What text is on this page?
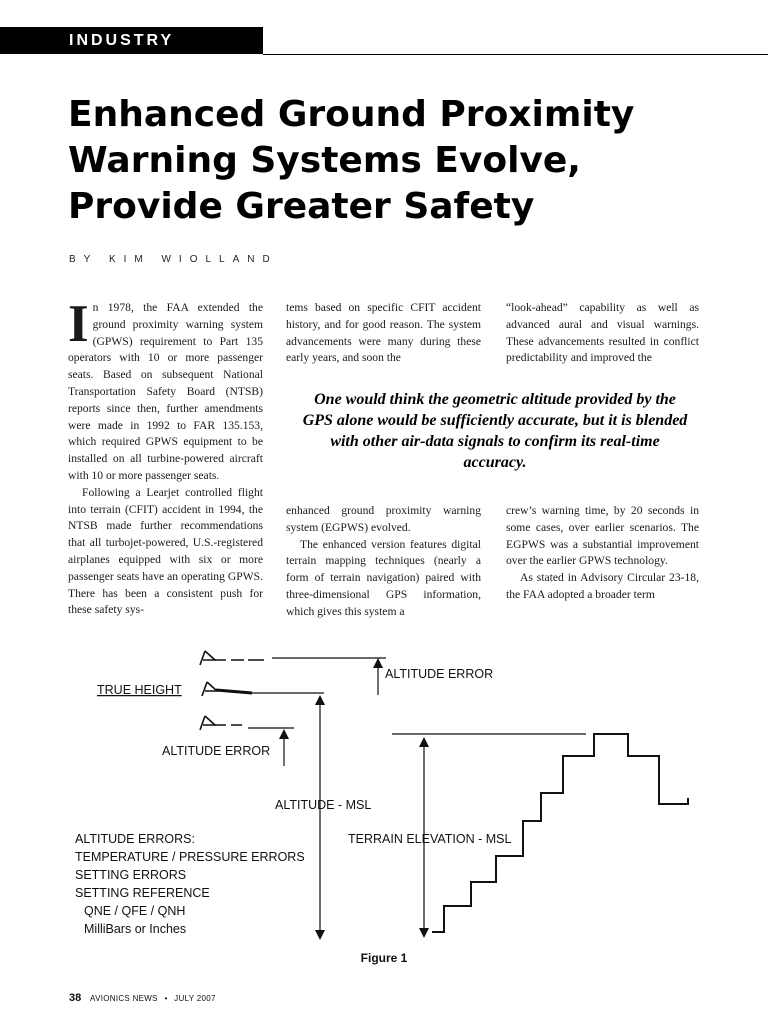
INDUSTRY
Enhanced Ground Proximity
Warning Systems Evolve,
Provide Greater Safety
BY KIM WIOLLAND

In 1978, the FAA extended the ground proximity warning system (GPWS) requirement to Part 135 operators with 10 or more passenger seats. Based on subsequent National Transportation Safety Board (NTSB) reports since then, further amendments were made in 1992 to FAR 135.153, which required GPWS equipment to be installed on all turbine-powered aircraft with 10 or more passenger seats.

Following a Learjet controlled flight into terrain (CFIT) accident in 1994, the NTSB made further recommendations that all turbojet-powered, U.S.-registered airplanes equipped with six or more passenger seats have an operating GPWS. There has been a consistent push for these safety sys-

tems based on specific CFIT accident history, and for good reason. The system advancements were many during these early years, and soon the

“look-ahead” capability as well as advanced aural and visual warnings. These advancements resulted in conflict predictability and improved the

One would think the geometric altitude provided by the GPS alone would be sufficiently accurate, but it is blended with other air-data signals to confirm its real-time accuracy.

enhanced ground proximity warning system (EGPWS) evolved.

The enhanced version features digital terrain mapping techniques (nearly a form of terrain navigation) paired with three-dimensional GPS information, which gives this system a

crew’s warning time, by 20 seconds in some cases, over earlier scenarios. The EGPWS was a substantial improvement over the earlier GPWS technology.

As stated in Advisory Circular 23-18, the FAA adopted a broader term

ALTITUDE ERROR
TRUE HEIGHT
ALTITUDE ERROR
ALTITUDE - MSL
TERRAIN ELEVATION - MSL
ALTITUDE ERRORS:
TEMPERATURE / PRESSURE ERRORS
SETTING ERRORS
SETTING REFERENCE
QNE / QFE / QNH
MilliBars or Inches
Figure 1
38 AVIONICS NEWS • JULY 2007
